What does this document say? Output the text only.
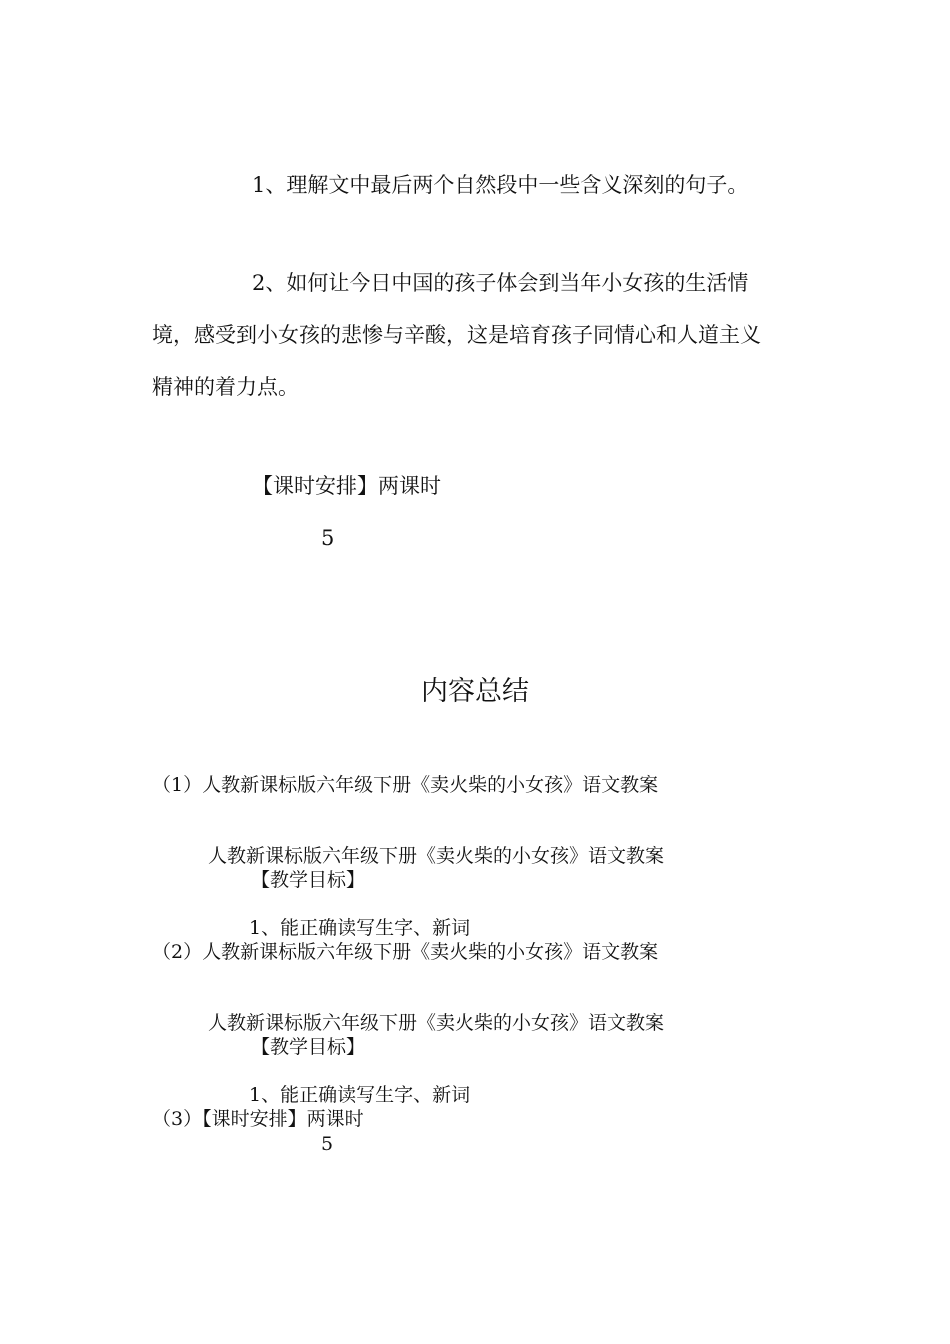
1、理解文中最后两个自然段中一些含义深刻的句子。
2、如何让今日中国的孩子体会到当年小女孩的生活情
境，感受到小女孩的悲惨与辛酸，这是培育孩子同情心和人道主义
精神的着力点。
【课时安排】两课时
5
内容总结
（1）人教新课标版六年级下册《卖火柴的小女孩》语文教案
人教新课标版六年级下册《卖火柴的小女孩》语文教案
【教学目标】
1、能正确读写生字、新词
（2）人教新课标版六年级下册《卖火柴的小女孩》语文教案
人教新课标版六年级下册《卖火柴的小女孩》语文教案
【教学目标】
1、能正确读写生字、新词
（3）【课时安排】两课时
5
